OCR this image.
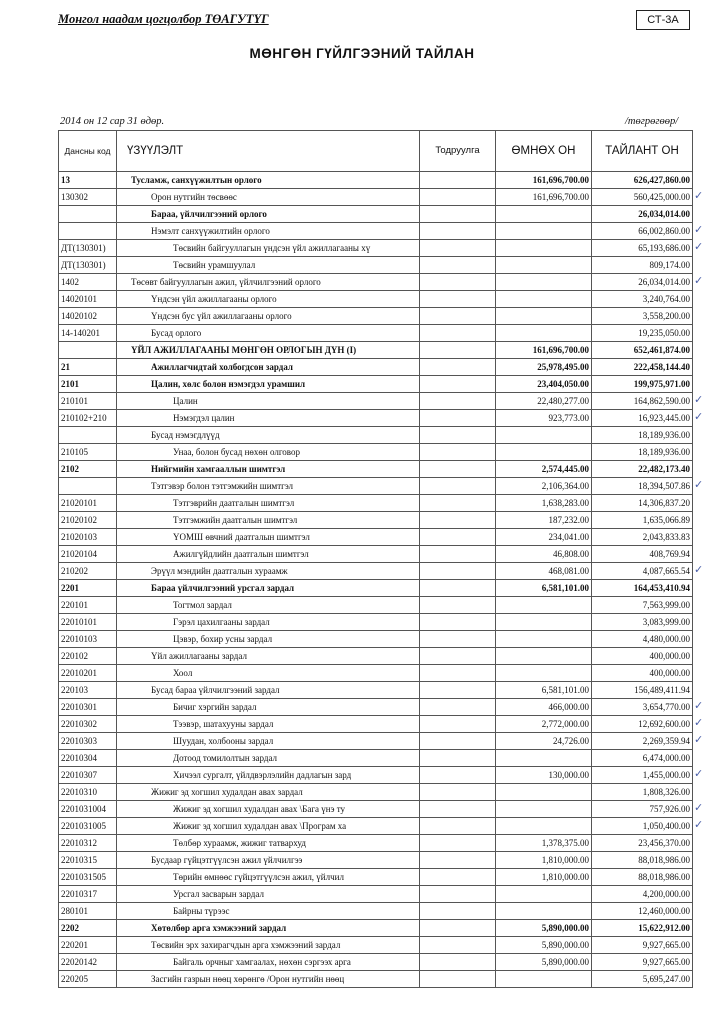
Монгол наадам цогцолбор ТӨАГУТҮГ	СТ-3А
МӨНГӨН ГҮЙЛГЭЭНИЙ ТАЙЛАН
2014 он 12 сар 31 өдөр.	/төгрөгөөр/
Дансны код	ҮЗҮҮЛЭЛТ	Тодруулга	ӨМНӨХ ОН	ТАЙЛАНТ ОН
13	Тусламж, санхүүжилтын орлого		161,696,700.00	626,427,860.00
130302	Орон нутгийн төсвөөс		161,696,700.00	560,425,000.00
	Бараа, үйлчилгээний орлого			26,034,014.00
	Нэмэлт санхүүжилтийн орлого			66,002,860.00
ДТ(130301)	Төсвийн байгууллагын үндсэн үйл ажиллагааны хү			65,193,686.00
ДТ(130301)	Төсвийн урамшуулал			809,174.00
1402	Төсөвт байгууллагын ажил, үйлчилгээний орлого			26,034,014.00
14020101	Үндсэн үйл ажиллагааны орлого			3,240,764.00
14020102	Үндсэн бус үйл ажиллагааны орлого			3,558,200.00
14-140201	Бусад орлого			19,235,050.00
	ҮЙЛ АЖИЛЛАГААНЫ МӨНГӨН ОРЛОГЫН ДҮН (I)		161,696,700.00	652,461,874.00
21	Ажиллагчидтай холбогдсон зардал		25,978,495.00	222,458,144.40
2101	Цалин, хөлс болон нэмэгдэл урамшил		23,404,050.00	199,975,971.00
210101	Цалин		22,480,277.00	164,862,590.00
210102+210	Нэмэгдэл цалин		923,773.00	16,923,445.00
	Бусад нэмэгдлүүд			18,189,936.00
210105	Унаа, болон бусад нөхөн олговор			18,189,936.00
2102	Нийгмийн хамгааллын шимтгэл		2,574,445.00	22,482,173.40
	Тэтгэвэр болон тэтгэмжийн шимтгэл		2,106,364.00	18,394,507.86
21020101	Тэтгэврийн даатгалын шимтгэл		1,638,283.00	14,306,837.20
21020102	Тэтгэмжийн даатгалын шимтгэл		187,232.00	1,635,066.89
21020103	ҮОМШ өвчний даатгалын шимтгэл		234,041.00	2,043,833.83
21020104	Ажилгүйдлийн даатгалын шимтгэл		46,808.00	408,769.94
210202	Эрүүл мэндийн даатгалын хураамж		468,081.00	4,087,665.54
2201	Бараа үйлчилгээний урсгал зардал		6,581,101.00	164,453,410.94
220101	Тогтмол зардал			7,563,999.00
22010101	Гэрэл цахилгааны зардал			3,083,999.00
22010103	Цэвэр, бохир усны зардал			4,480,000.00
220102	Үйл ажиллагааны зардал			400,000.00
22010201	Хоол			400,000.00
220103	Бусад бараа үйлчилгээний зардал		6,581,101.00	156,489,411.94
22010301	Бичиг хэргийн зардал		466,000.00	3,654,770.00
22010302	Тээвэр, шатахууны зардал		2,772,000.00	12,692,600.00
22010303	Шуудан, холбооны зардал		24,726.00	2,269,359.94
22010304	Дотоод томилолтын зардал			6,474,000.00
22010307	Хичээл сургалт, үйлдвэрлэлийн дадлагын зард		130,000.00	1,455,000.00
22010310	Жижиг эд хогшил худалдан авах зардал			1,808,326.00
2201031004	Жижиг эд хогшил худалдан авах \Бага үнэ ту			757,926.00
2201031005	Жижиг эд хогшил худалдан авах \Програм ха			1,050,400.00
22010312	Төлбөр хураамж, жижиг татвархуд		1,378,375.00	23,456,370.00
22010315	Бусдаар гүйцэтгүүлсэн ажил үйлчилгээ		1,810,000.00	88,018,986.00
2201031505	Төрийн өмнөөс гүйцэтгүүлсэн ажил, үйлчил		1,810,000.00	88,018,986.00
22010317	Урсгал засварын зардал			4,200,000.00
280101	Байрны түрээс			12,460,000.00
2202	Хөтөлбөр арга хэмжээний зардал		5,890,000.00	15,622,912.00
220201	Төсвийн эрх захирагчдын арга хэмжээний зардал		5,890,000.00	9,927,665.00
22020142	Байгаль орчныг хамгаалах, нөхөн сэргээх арга		5,890,000.00	9,927,665.00
220205	Засгийн газрын нөөц хөрөнгө /Орон нутгийн нөөц			5,695,247.00
✓
✓
✓
✓
✓
✓
✓
✓
✓
✓
✓
✓
✓
✓
